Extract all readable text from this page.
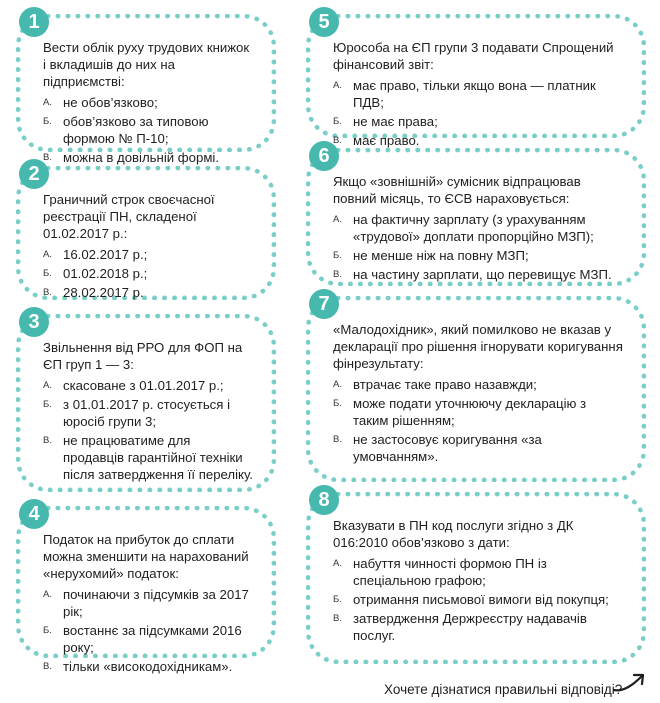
1
Вести облік руху трудових книжок і вкладишів до них на підприємстві:
А. не обов’язково;
Б. обов’язково за типовою формою № П-10;
В. можна в довільній формі.
2
Граничний строк своєчасної реєстрації ПН, складеної 01.02.2017 р.:
А. 16.02.2017 р.;
Б. 01.02.2018 р.;
В. 28.02.2017 р.
3
Звільнення від РРО для ФОП на ЄП груп 1 — 3:
А. скасоване з 01.01.2017 р.;
Б. з 01.01.2017 р. стосується і юросіб групи 3;
В. не працюватиме для продавців гарантійної техніки після затвердження її переліку.
4
Податок на прибуток до сплати можна зменшити на нарахований «нерухомий» податок:
А. починаючи з підсумків за 2017 рік;
Б. востаннє за підсумками 2016 року;
В. тільки «високодохідникам».
5
Юрособа на ЄП групи 3 подавати Спрощений фінансовий звіт:
А. має право, тільки якщо вона — платник ПДВ;
Б. не має права;
В. має право.
6
Якщо «зовнішній» сумісник відпрацював повний місяць, то ЄСВ нараховується:
А. на фактичну зарплату (з урахуванням «трудової» доплати пропорційно МЗП);
Б. не менше ніж на повну МЗП;
В. на частину зарплати, що перевищує МЗП.
7
«Малодохідник», який помилково не вказав у декларації про рішення ігнорувати коригування фінрезультату:
А. втрачає таке право назавжди;
Б. може подати уточнюючу декларацію з таким рішенням;
В. не застосовує коригування «за умовчанням».
8
Вказувати в ПН код послуги згідно з ДК 016:2010 обов’язково з дати:
А. набуття чинності формою ПН із спеціальною графою;
Б. отримання письмової вимоги від покупця;
В. затвердження Держреєстру надавачів послуг.
Хочете дізнатися правильні відповіді?
